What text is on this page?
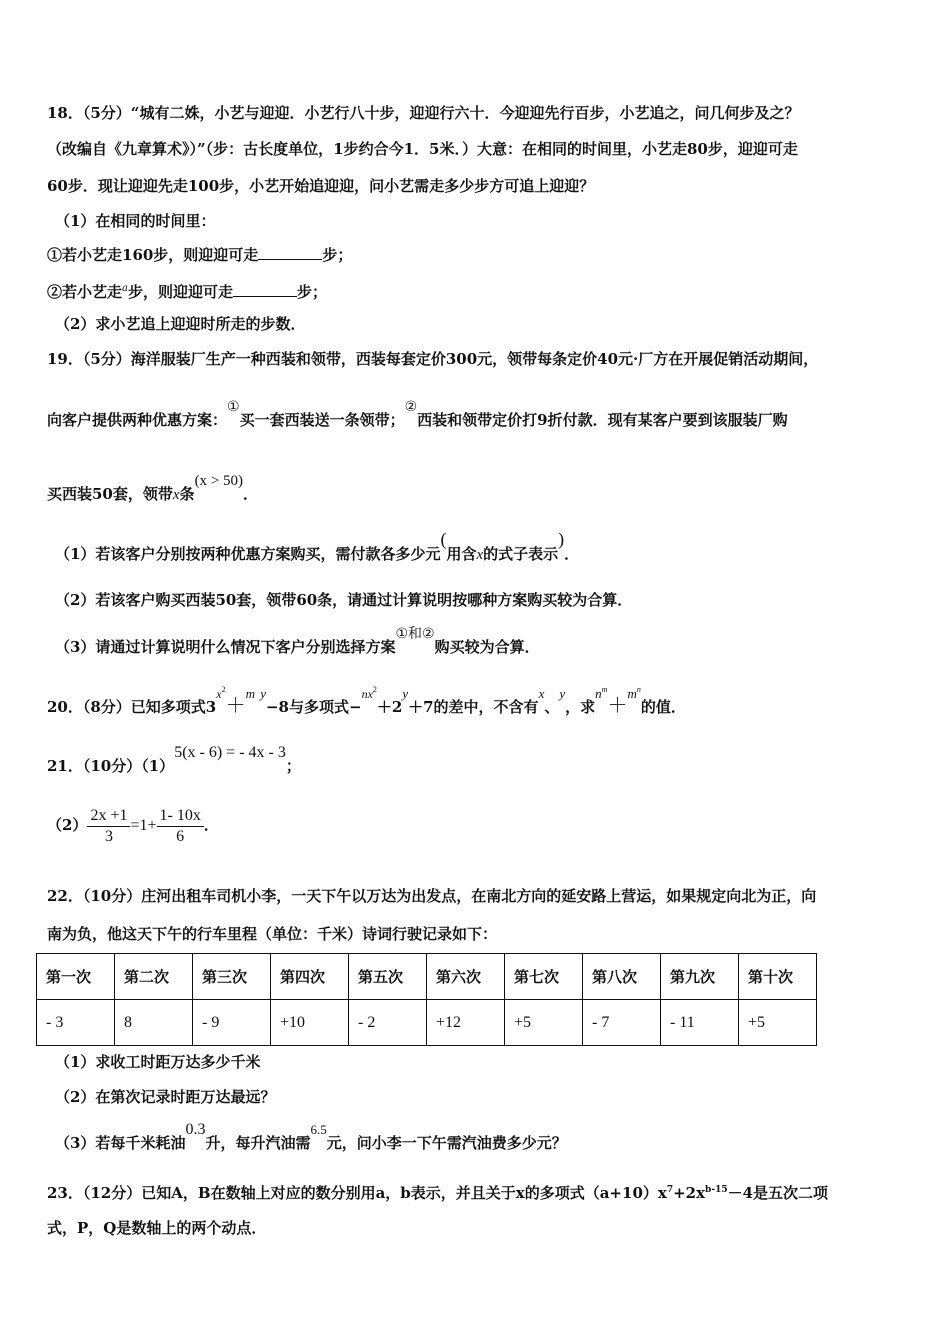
18．（5分）“城有二姝，小艺与迎迎．小艺行八十步，迎迎行六十．今迎迎先行百步，小艺追之，问几何步及之？
（改编自《九章算术》）”（步：古长度单位，1步约合今1．5米．）大意：在相同的时间里，小艺走80步，迎迎可走
60步．现让迎迎先走100步，小艺开始追迎迎，问小艺需走多少步方可追上迎迎？
（1）在相同的时间里：
①若小艺走160步，则迎迎可走	步；
②若小艺走$^a$步，则迎迎可走	步；
（2）求小艺追上迎迎时所走的步数．
19．（5分）海洋服装厂生产一种西装和领带，西装每套定价300元，领带每条定价40元·厂方在开展促销活动期间，
向客户提供两种优惠方案：①买一套西装送一条领带；②西装和领带定价打9折付款．现有某客户要到该服装厂购
买西装50套，领带x条(x > 50)．
（1）若该客户分别按两种优惠方案购买，需付款各多少元(用含x的式子表示)．
（2）若该客户购买西装50套，领带60条，请通过计算说明按哪种方案购买较为合算．
（3）请通过计算说明什么情况下客户分别选择方案①和②购买较为合算．
20．（8分）已知多项式$3^{x2}+m$ y−8与多项式−$^{nx2}$＋2y＋7的差中，不含有x、y，求$n^m+m^n$的值．
21．（10分）（1）5(x - 6) = - 4x - 3；
$(2) \frac{2x +1}{3} =1+ \frac{1- 10x}{6}$ ．
22．（10分）庄河出租车司机小李，一天下午以万达为出发点，在南北方向的延安路上营运，如果规定向北为正，向
南为负，他这天下午的行车里程（单位：千米）诗词行驶记录如下：
第一次	第二次	第三次	第四次	第五次	第六次	第七次	第八次	第九次	第十次
- 3	8	- 9	+10	- 2	+12	+5	- 7	- 11	+5
（1）求收工时距万达多少千米
（2）在第次记录时距万达最远？
（3）若每千米耗油0.3升，每升汽油需6.5元，问小李一下午需汽油费多少元？
23．（12分）已知A，B在数轴上对应的数分别用a，b表示，并且关于x的多项式$(a+10)x^7+2x^{b-15}-4$是五次二项
式，P，Q是数轴上的两个动点．
